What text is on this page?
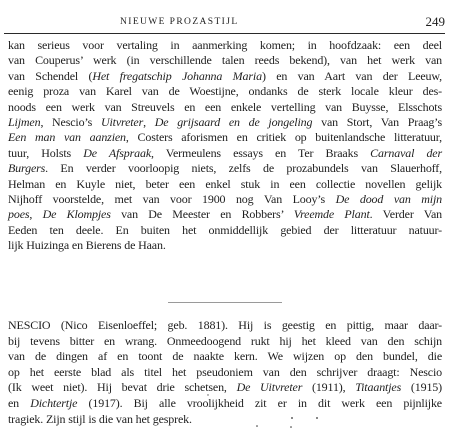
NIEUWE PROZASTIJL	249
kan serieus voor vertaling in aanmerking komen; in hoofdzaak: een deel
van Couperus’ werk (in verschillende talen reeds bekend), van het werk van
van Schendel (Het fregatschip Johanna Maria) en van Aart van der Leeuw,
eenig proza van Karel van de Woestijne, ondanks de sterk locale kleur des-
noods een werk van Streuvels en een enkele vertelling van Buysse, Elsschots
Lijmen, Nescio’s Uitvreter, De grijsaard en de jongeling van Stort, Van Praag’s
Een man van aanzien, Costers aforismen en critiek op buitenlandsche litteratuur,
tuur, Holsts De Afspraak, Vermeulens essays en Ter Braaks Carnaval der
Burgers. En verder voorloopig niets, zelfs de prozabundels van Slauerhoff,
Helman en Kuyle niet, beter een enkel stuk in een collectie novellen gelijk
Nijhoff voorstelde, met van voor 1900 nog Van Looy’s De dood van mijn
poes, De Klompjes van De Meester en Robbers’ Vreemde Plant. Verder Van
Eeden ten deele. En buiten het onmiddellijk gebied der litteratuur natuur-
lijk Huizinga en Bierens de Haan.
NESCIO (Nico Eisenloeffel; geb. 1881). Hij is geestig en pittig, maar daar-
bij tevens bitter en wrang. Onmeedoogend rukt hij het kleed van den schijn
van de dingen af en toont de naakte kern. We wijzen op den bundel, die
op het eerste blad als titel het pseudoniem van den schrijver draagt: Nescio
(Ik weet niet). Hij bevat drie schetsen, De Uitvreter (1911), Titaantjes (1915)
en Dichtertje (1917). Bij alle vroolijkheid zit er in dit werk een pijnlijke
tragiek. Zijn stijl is die van het gesprek.
